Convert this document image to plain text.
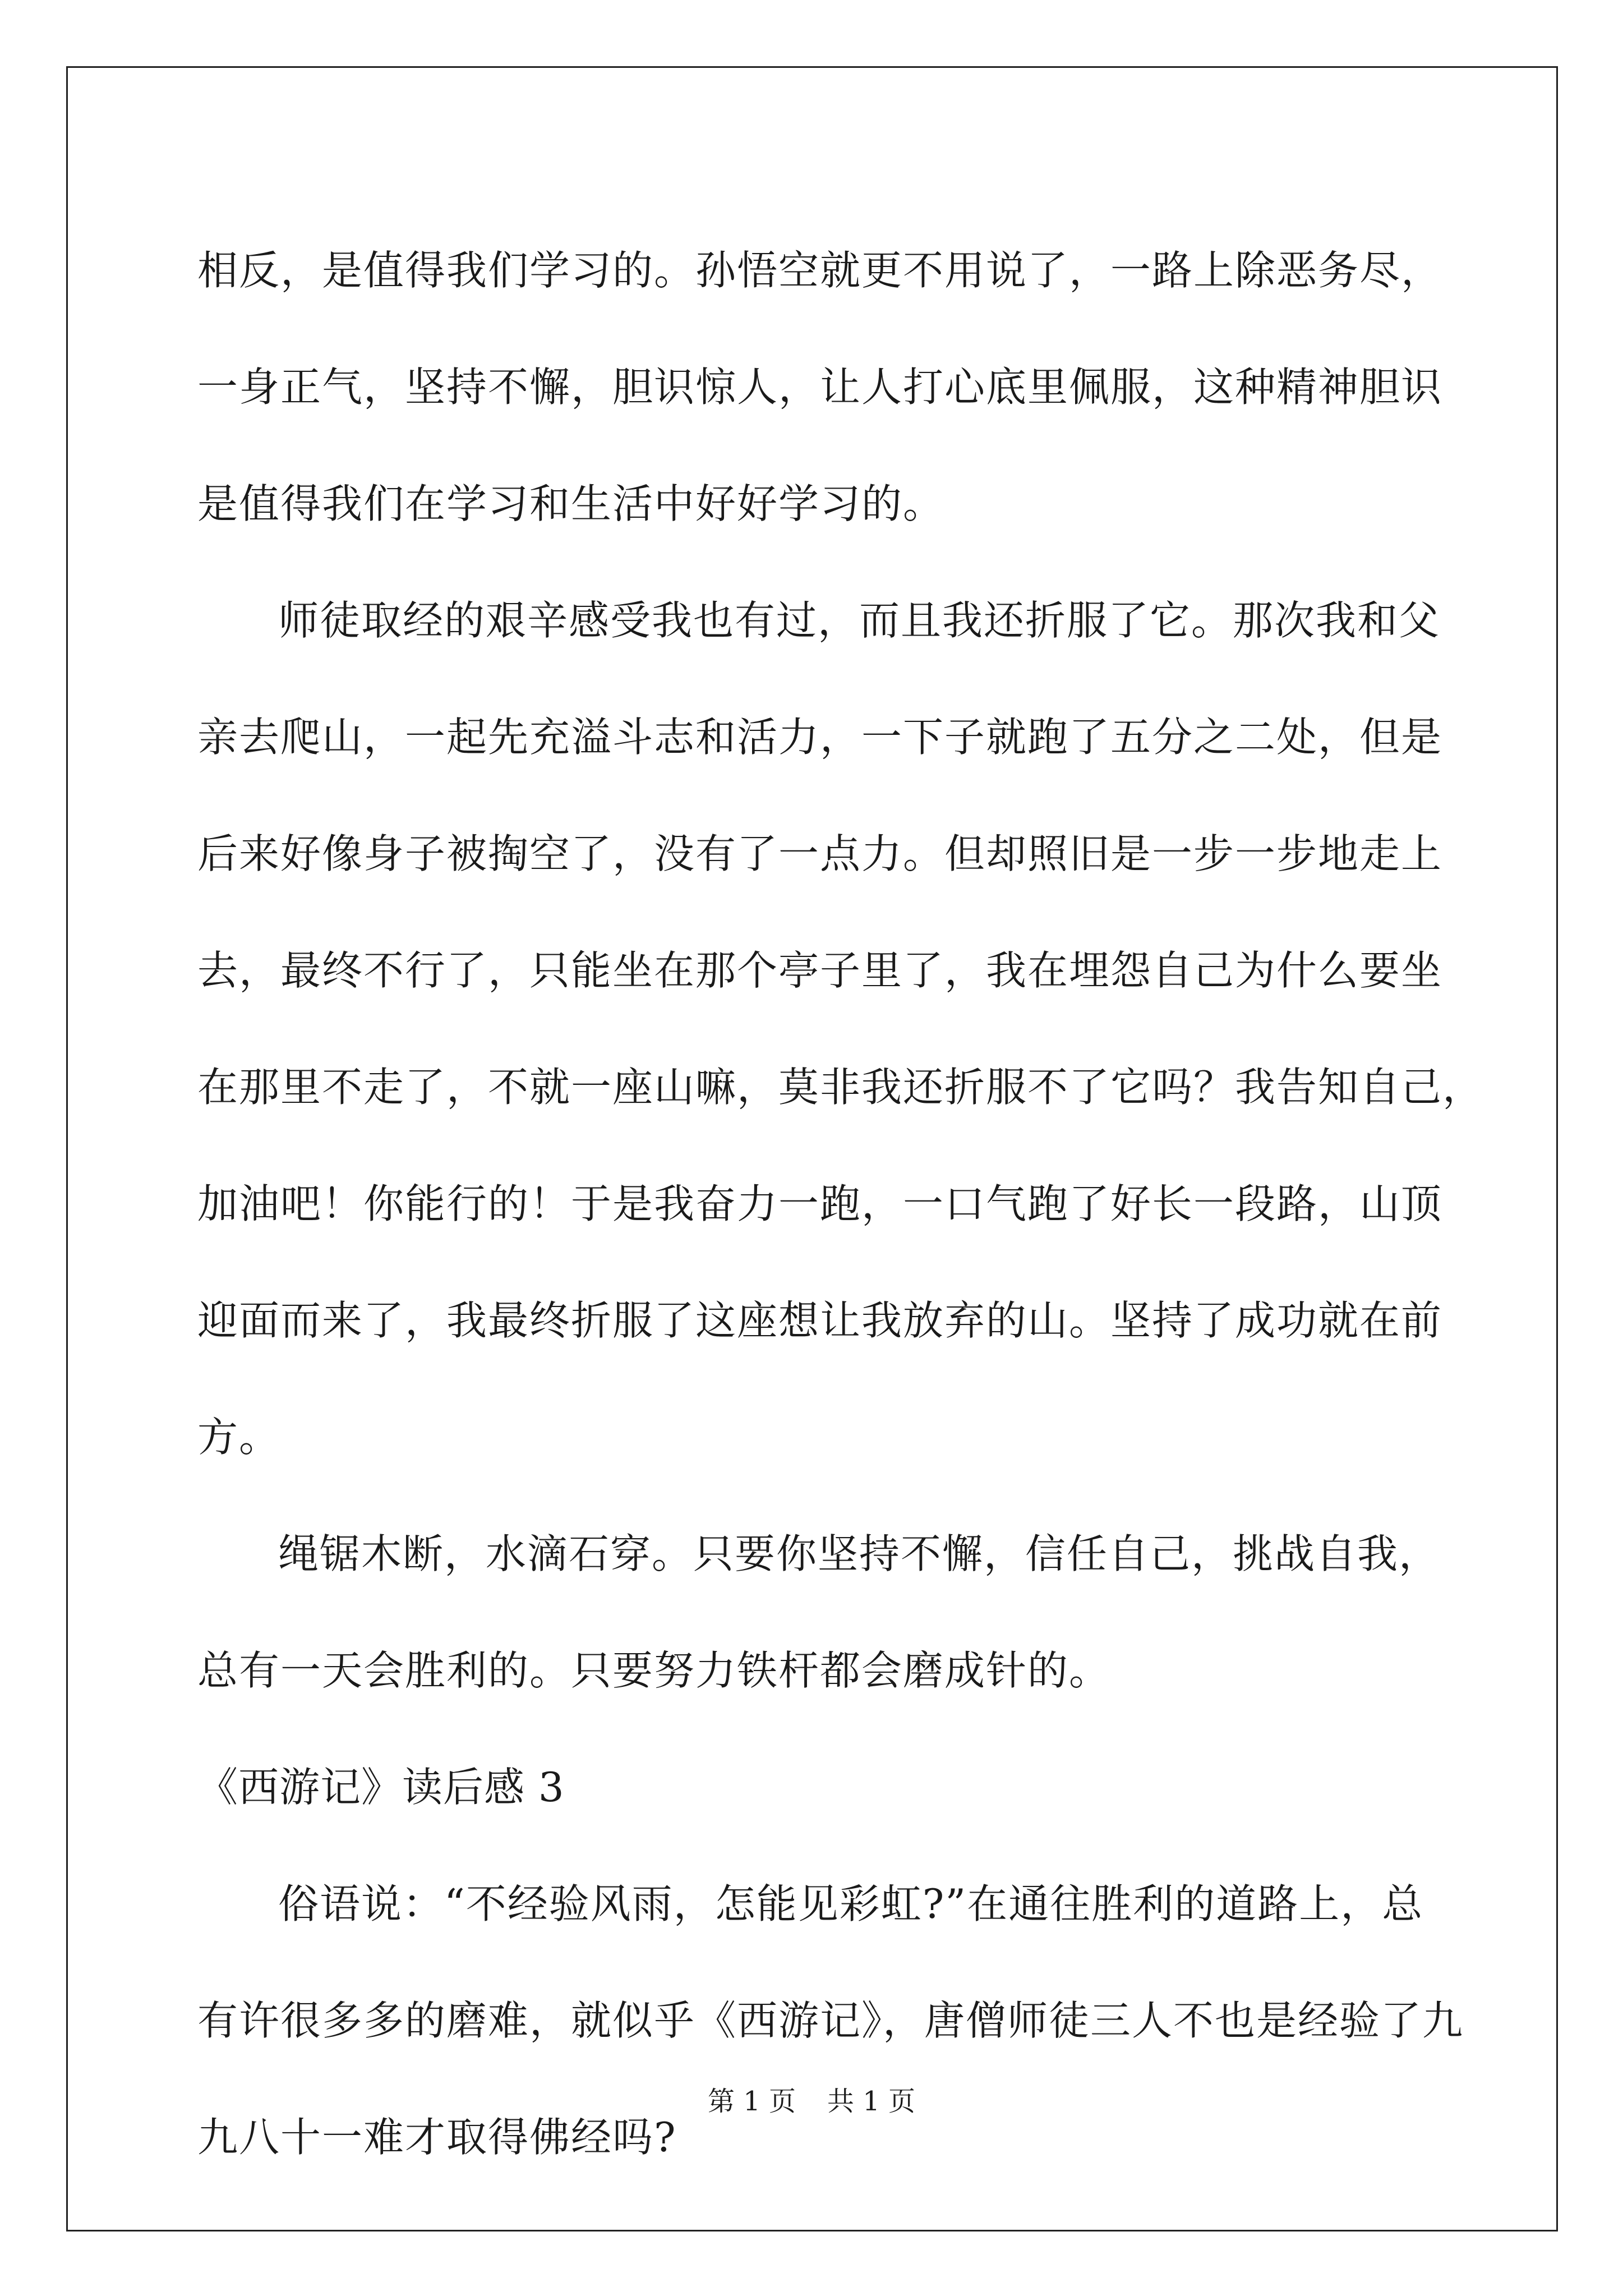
相反，是值得我们学习的。孙悟空就更不用说了，一路上除恶务尽，
一身正气，坚持不懈，胆识惊人，让人打心底里佩服，这种精神胆识
是值得我们在学习和生活中好好学习的。
师徒取经的艰辛感受我也有过，而且我还折服了它。那次我和父
亲去爬山，一起先充溢斗志和活力，一下子就跑了五分之二处，但是
后来好像身子被掏空了，没有了一点力。但却照旧是一步一步地走上
去，最终不行了，只能坐在那个亭子里了，我在埋怨自己为什么要坐
在那里不走了，不就一座山嘛，莫非我还折服不了它吗？我告知自己，
加油吧！你能行的！于是我奋力一跑，一口气跑了好长一段路，山顶
迎面而来了，我最终折服了这座想让我放弃的山。坚持了成功就在前
方。
绳锯木断，水滴石穿。只要你坚持不懈，信任自己，挑战自我，
总有一天会胜利的。只要努力铁杆都会磨成针的。
《西游记》读后感 3
俗语说：“不经验风雨，怎能见彩虹?”在通往胜利的道路上，总
有许很多多的磨难，就似乎《西游记》，唐僧师徒三人不也是经验了九
九八十一难才取得佛经吗?
第 1 页 共 1 页
